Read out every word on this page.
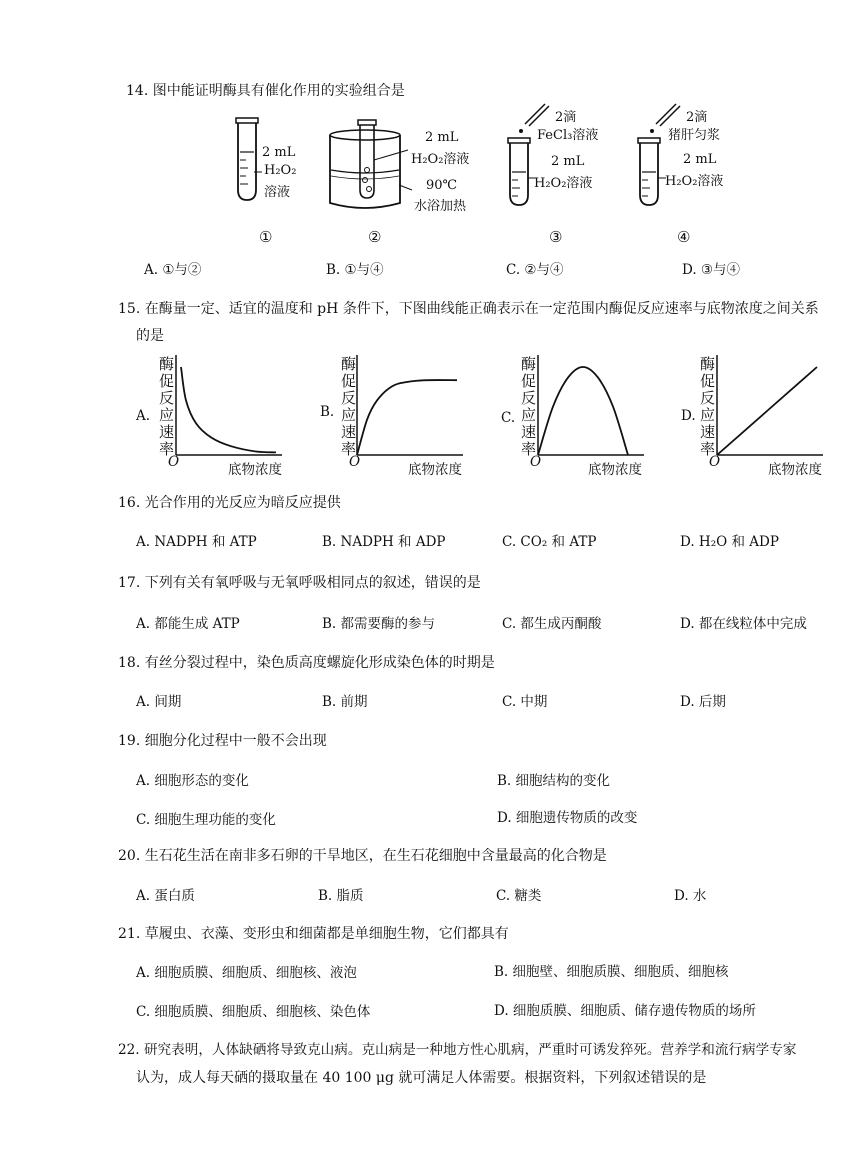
14. 图中能证明酶具有催化作用的实验组合是
2 mL
H₂O₂
溶液
①
2 mL
H₂O₂溶液
90℃
水浴加热
②
2滴
FeCl₃溶液
2 mL
H₂O₂溶液
③
2滴
猪肝匀浆
2 mL
H₂O₂溶液
④
A. ①与②	B. ①与④	C. ②与④	D. ③与④
15. 在酶量一定、适宜的温度和 pH 条件下，下图曲线能正确表示在一定范围内酶促反应速率与底物浓度之间关系
的是
酶促反应速率
酶促反应速率
酶促反应速率
酶促反应速率
A.	B.	C.	D.
O	O	O	O
底物浓度	底物浓度	底物浓度	底物浓度
16. 光合作用的光反应为暗反应提供
A. NADPH 和 ATP	B. NADPH 和 ADP	C. CO₂ 和 ATP	D. H₂O 和 ADP
17. 下列有关有氧呼吸与无氧呼吸相同点的叙述，错误的是
A. 都能生成 ATP	B. 都需要酶的参与	C. 都生成丙酮酸	D. 都在线粒体中完成
18. 有丝分裂过程中，染色质高度螺旋化形成染色体的时期是
A. 间期	B. 前期	C. 中期	D. 后期
19. 细胞分化过程中一般不会出现
A. 细胞形态的变化	B. 细胞结构的变化
C. 细胞生理功能的变化	D. 细胞遗传物质的改变
20. 生石花生活在南非多石卵的干旱地区，在生石花细胞中含量最高的化合物是
A. 蛋白质	B. 脂质	C. 糖类	D. 水
21. 草履虫、衣藻、变形虫和细菌都是单细胞生物，它们都具有
A. 细胞质膜、细胞质、细胞核、液泡	B. 细胞壁、细胞质膜、细胞质、细胞核
C. 细胞质膜、细胞质、细胞核、染色体	D. 细胞质膜、细胞质、储存遗传物质的场所
22. 研究表明，人体缺硒将导致克山病。克山病是一种地方性心肌病，严重时可诱发猝死。营养学和流行病学专家
认为，成人每天硒的摄取量在 40 100 μg 就可满足人体需要。根据资料，下列叙述错误的是
